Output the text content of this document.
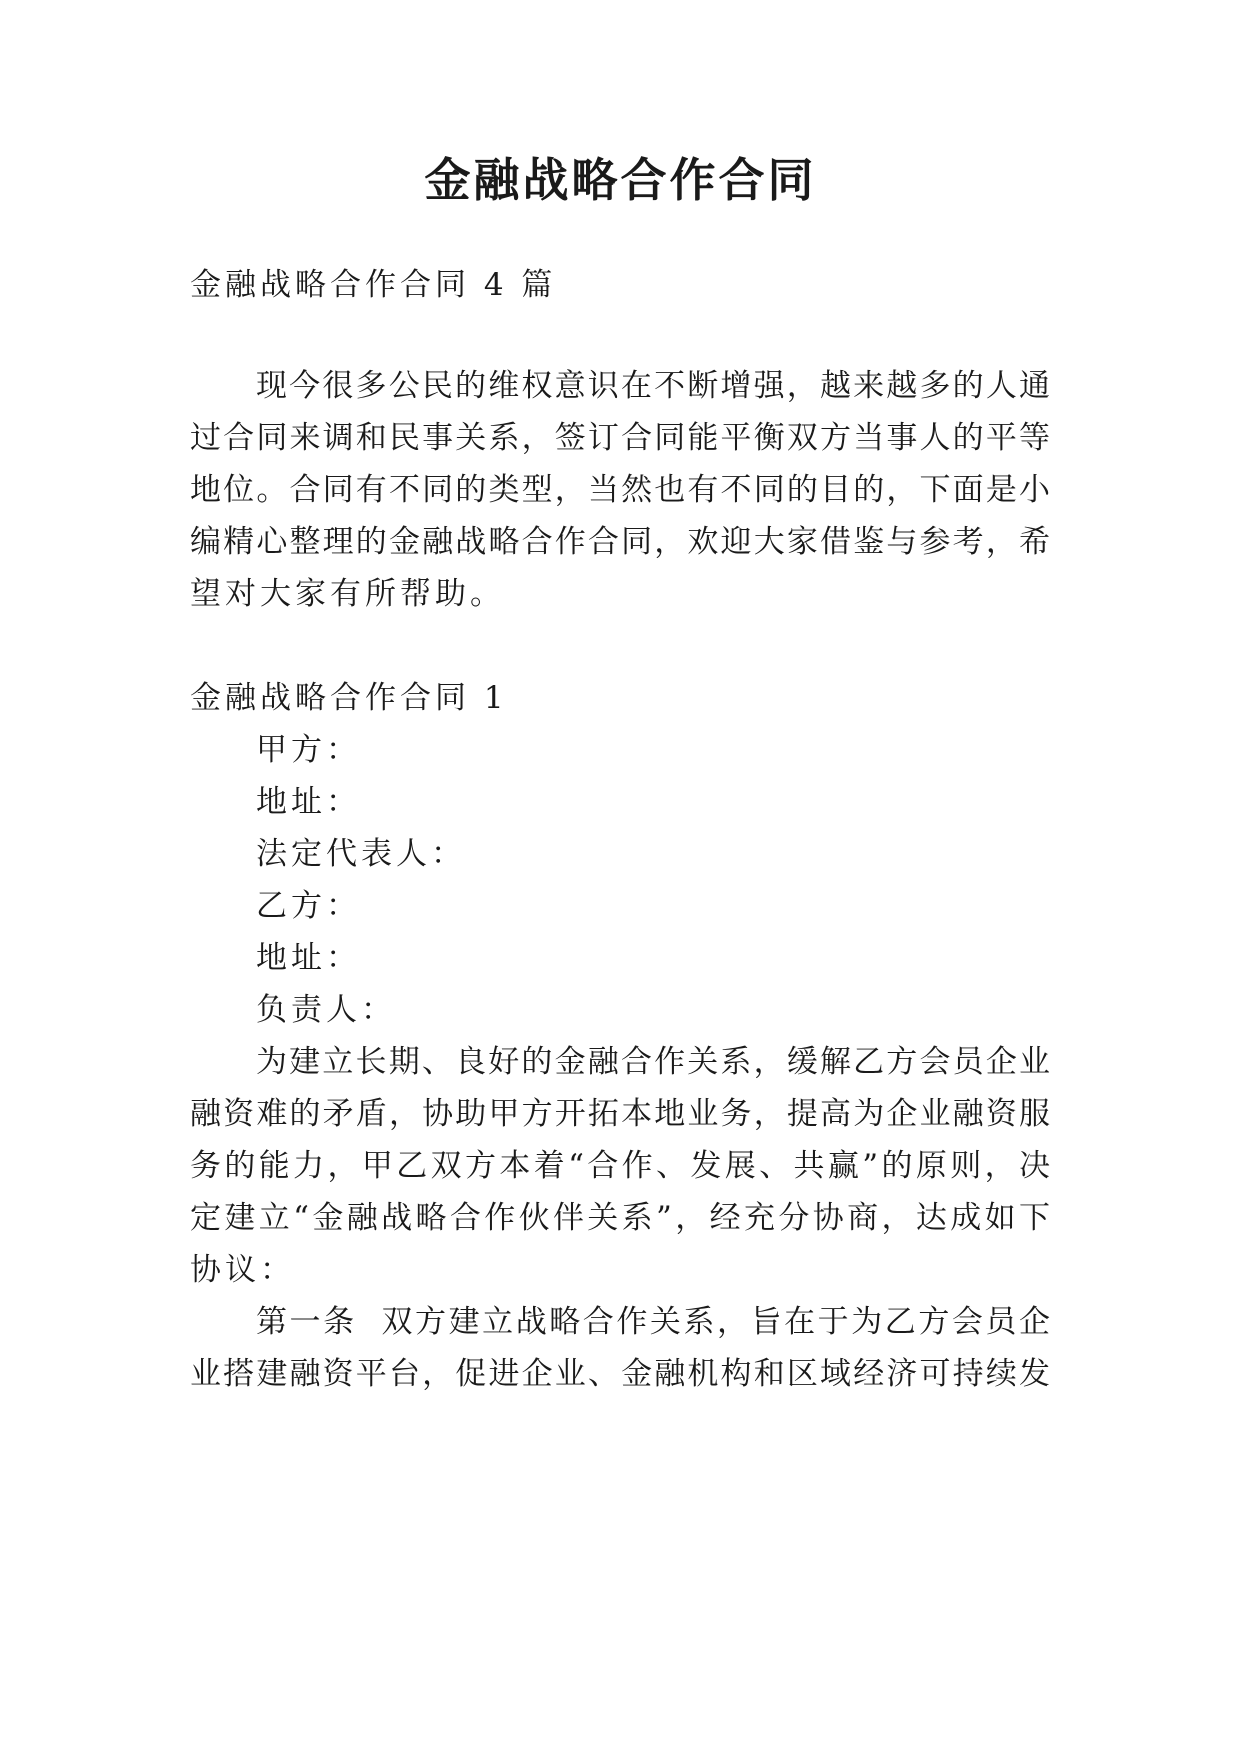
金融战略合作合同
金融战略合作合同 4 篇
现今很多公民的维权意识在不断增强，越来越多的人通
过合同来调和民事关系，签订合同能平衡双方当事人的平等
地位。合同有不同的类型，当然也有不同的目的，下面是小
编精心整理的金融战略合作合同，欢迎大家借鉴与参考，希
望对大家有所帮助。
金融战略合作合同 1
甲方：
地址：
法定代表人：
乙方：
地址：
负责人：
为建立长期、良好的金融合作关系，缓解乙方会员企业
融资难的矛盾，协助甲方开拓本地业务，提高为企业融资服
务的能力，甲乙双方本着“合作、发展、共赢”的原则，决
定建立“金融战略合作伙伴关系”，经充分协商，达成如下
协议：
第一条  双方建立战略合作关系，旨在于为乙方会员企
业搭建融资平台，促进企业、金融机构和区域经济可持续发
